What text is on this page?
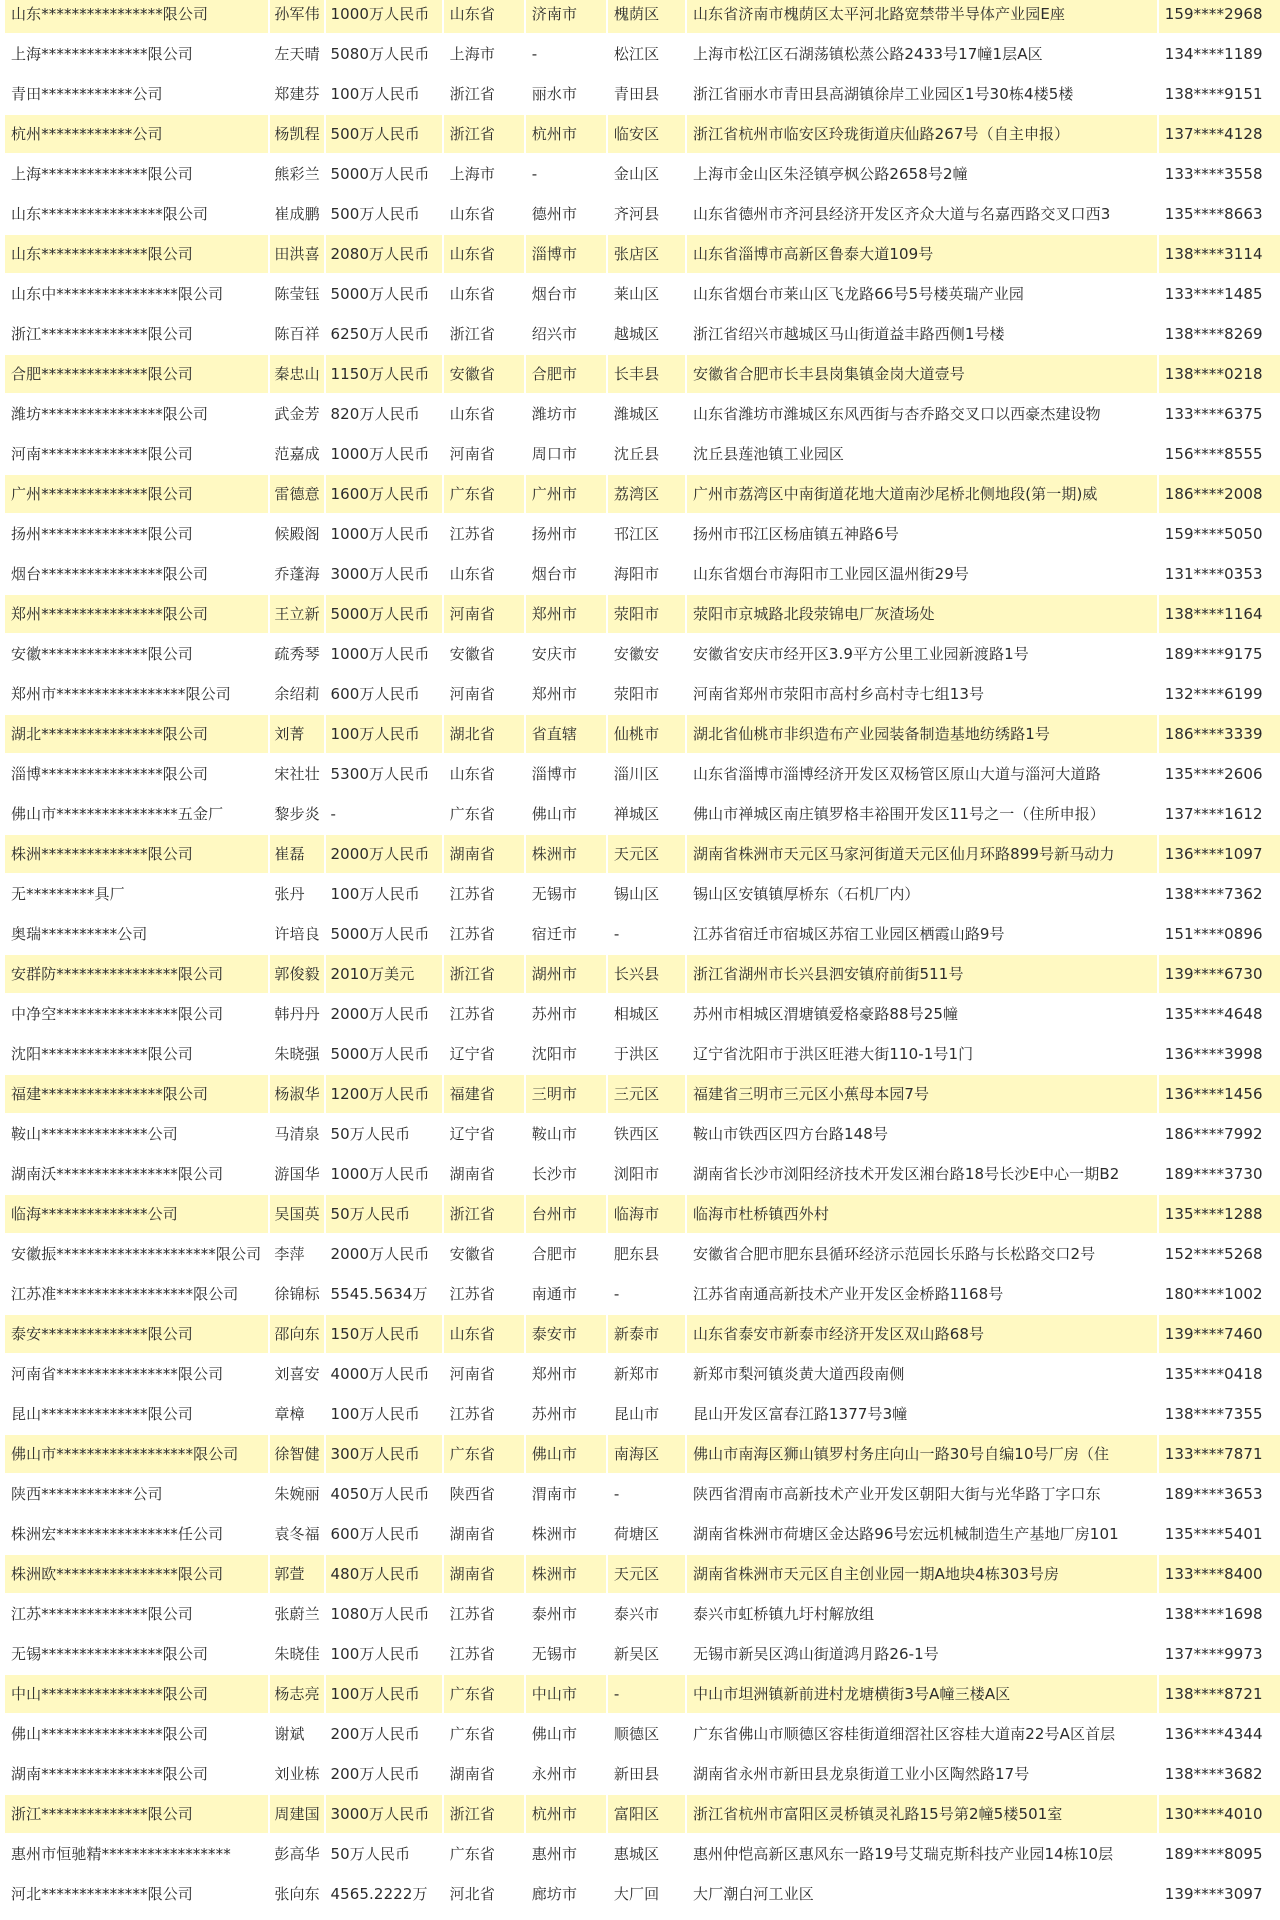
山东****************限公司	孙军伟	1000万人民币	山东省	济南市	槐荫区	山东省济南市槐荫区太平河北路宽禁带半导体产业园E座	159****2968
上海**************限公司	左天晴	5080万人民币	上海市	-	松江区	上海市松江区石湖荡镇松蒸公路2433号17幢1层A区	134****1189
青田************公司	郑建芬	100万人民币	浙江省	丽水市	青田县	浙江省丽水市青田县高湖镇徐岸工业园区1号30栋4楼5楼	138****9151
杭州************公司	杨凯程	500万人民币	浙江省	杭州市	临安区	浙江省杭州市临安区玲珑街道庆仙路267号（自主申报）	137****4128
上海**************限公司	熊彩兰	5000万人民币	上海市	-	金山区	上海市金山区朱泾镇亭枫公路2658号2幢	133****3558
山东****************限公司	崔成鹏	500万人民币	山东省	德州市	齐河县	山东省德州市齐河县经济开发区齐众大道与名嘉西路交叉口西3	135****8663
山东**************限公司	田洪喜	2080万人民币	山东省	淄博市	张店区	山东省淄博市高新区鲁泰大道109号	138****3114
山东中****************限公司	陈莹钰	5000万人民币	山东省	烟台市	莱山区	山东省烟台市莱山区飞龙路66号5号楼英瑞产业园	133****1485
浙江**************限公司	陈百祥	6250万人民币	浙江省	绍兴市	越城区	浙江省绍兴市越城区马山街道益丰路西侧1号楼	138****8269
合肥**************限公司	秦忠山	1150万人民币	安徽省	合肥市	长丰县	安徽省合肥市长丰县岗集镇金岗大道壹号	138****0218
潍坊****************限公司	武金芳	820万人民币	山东省	潍坊市	潍城区	山东省潍坊市潍城区东风西街与杏乔路交叉口以西豪杰建设物	133****6375
河南**************限公司	范嘉成	1000万人民币	河南省	周口市	沈丘县	沈丘县莲池镇工业园区	156****8555
广州**************限公司	雷德意	1600万人民币	广东省	广州市	荔湾区	广州市荔湾区中南街道花地大道南沙尾桥北侧地段(第一期)威	186****2008
扬州**************限公司	候殿阁	1000万人民币	江苏省	扬州市	邗江区	扬州市邗江区杨庙镇五神路6号	159****5050
烟台****************限公司	乔蓬海	3000万人民币	山东省	烟台市	海阳市	山东省烟台市海阳市工业园区温州街29号	131****0353
郑州****************限公司	王立新	5000万人民币	河南省	郑州市	荥阳市	荥阳市京城路北段荥锦电厂灰渣场处	138****1164
安徽**************限公司	疏秀琴	1000万人民币	安徽省	安庆市	安徽安	安徽省安庆市经开区3.9平方公里工业园新渡路1号	189****9175
郑州市*****************限公司	余绍莉	600万人民币	河南省	郑州市	荥阳市	河南省郑州市荥阳市高村乡高村寺七组13号	132****6199
湖北****************限公司	刘菁	100万人民币	湖北省	省直辖	仙桃市	湖北省仙桃市非织造布产业园装备制造基地纺绣路1号	186****3339
淄博****************限公司	宋社壮	5300万人民币	山东省	淄博市	淄川区	山东省淄博市淄博经济开发区双杨管区原山大道与淄河大道路	135****2606
佛山市****************五金厂	黎步炎	-	广东省	佛山市	禅城区	佛山市禅城区南庄镇罗格丰裕围开发区11号之一（住所申报）	137****1612
株洲**************限公司	崔磊	2000万人民币	湖南省	株洲市	天元区	湖南省株洲市天元区马家河街道天元区仙月环路899号新马动力	136****1097
无*********具厂	张丹	100万人民币	江苏省	无锡市	锡山区	锡山区安镇镇厚桥东（石机厂内）	138****7362
奥瑞**********公司	许培良	5000万人民币	江苏省	宿迁市	-	江苏省宿迁市宿城区苏宿工业园区栖霞山路9号	151****0896
安群防****************限公司	郭俊毅	2010万美元	浙江省	湖州市	长兴县	浙江省湖州市长兴县泗安镇府前街511号	139****6730
中净空****************限公司	韩丹丹	2000万人民币	江苏省	苏州市	相城区	苏州市相城区渭塘镇爱格豪路88号25幢	135****4648
沈阳**************限公司	朱晓强	5000万人民币	辽宁省	沈阳市	于洪区	辽宁省沈阳市于洪区旺港大街110-1号1门	136****3998
福建****************限公司	杨淑华	1200万人民币	福建省	三明市	三元区	福建省三明市三元区小蕉母本园7号	136****1456
鞍山**************公司	马清泉	50万人民币	辽宁省	鞍山市	铁西区	鞍山市铁西区四方台路148号	186****7992
湖南沃****************限公司	游国华	1000万人民币	湖南省	长沙市	浏阳市	湖南省长沙市浏阳经济技术开发区湘台路18号长沙E中心一期B2	189****3730
临海**************公司	吴国英	50万人民币	浙江省	台州市	临海市	临海市杜桥镇西外村	135****1288
安徽振*********************限公司	李萍	2000万人民币	安徽省	合肥市	肥东县	安徽省合肥市肥东县循环经济示范园长乐路与长松路交口2号	152****5268
江苏准******************限公司	徐锦标	5545.5634万	江苏省	南通市	-	江苏省南通高新技术产业开发区金桥路1168号	180****1002
泰安**************限公司	邵向东	150万人民币	山东省	泰安市	新泰市	山东省泰安市新泰市经济开发区双山路68号	139****7460
河南省****************限公司	刘喜安	4000万人民币	河南省	郑州市	新郑市	新郑市梨河镇炎黄大道西段南侧	135****0418
昆山**************限公司	章樟	100万人民币	江苏省	苏州市	昆山市	昆山开发区富春江路1377号3幢	138****7355
佛山市******************限公司	徐智健	300万人民币	广东省	佛山市	南海区	佛山市南海区狮山镇罗村务庄向山一路30号自编10号厂房（住	133****7871
陕西************公司	朱婉丽	4050万人民币	陕西省	渭南市	-	陕西省渭南市高新技术产业开发区朝阳大街与光华路丁字口东	189****3653
株洲宏****************任公司	袁冬福	600万人民币	湖南省	株洲市	荷塘区	湖南省株洲市荷塘区金达路96号宏远机械制造生产基地厂房101	135****5401
株洲欧****************限公司	郭萱	480万人民币	湖南省	株洲市	天元区	湖南省株洲市天元区自主创业园一期A地块4栋303号房	133****8400
江苏**************限公司	张蔚兰	1080万人民币	江苏省	泰州市	泰兴市	泰兴市虹桥镇九圩村解放组	138****1698
无锡****************限公司	朱晓佳	100万人民币	江苏省	无锡市	新吴区	无锡市新吴区鸿山街道鸿月路26-1号	137****9973
中山****************限公司	杨志亮	100万人民币	广东省	中山市	-	中山市坦洲镇新前进村龙塘横街3号A幢三楼A区	138****8721
佛山****************限公司	谢斌	200万人民币	广东省	佛山市	顺德区	广东省佛山市顺德区容桂街道细滘社区容桂大道南22号A区首层	136****4344
湖南****************限公司	刘业栋	200万人民币	湖南省	永州市	新田县	湖南省永州市新田县龙泉街道工业小区陶然路17号	138****3682
浙江**************限公司	周建国	3000万人民币	浙江省	杭州市	富阳区	浙江省杭州市富阳区灵桥镇灵礼路15号第2幢5楼501室	130****4010
惠州市恒驰精*****************	彭高华	50万人民币	广东省	惠州市	惠城区	惠州仲恺高新区惠风东一路19号艾瑞克斯科技产业园14栋10层	189****8095
河北**************限公司	张向东	4565.2222万	河北省	廊坊市	大厂回	大厂潮白河工业区	139****3097
